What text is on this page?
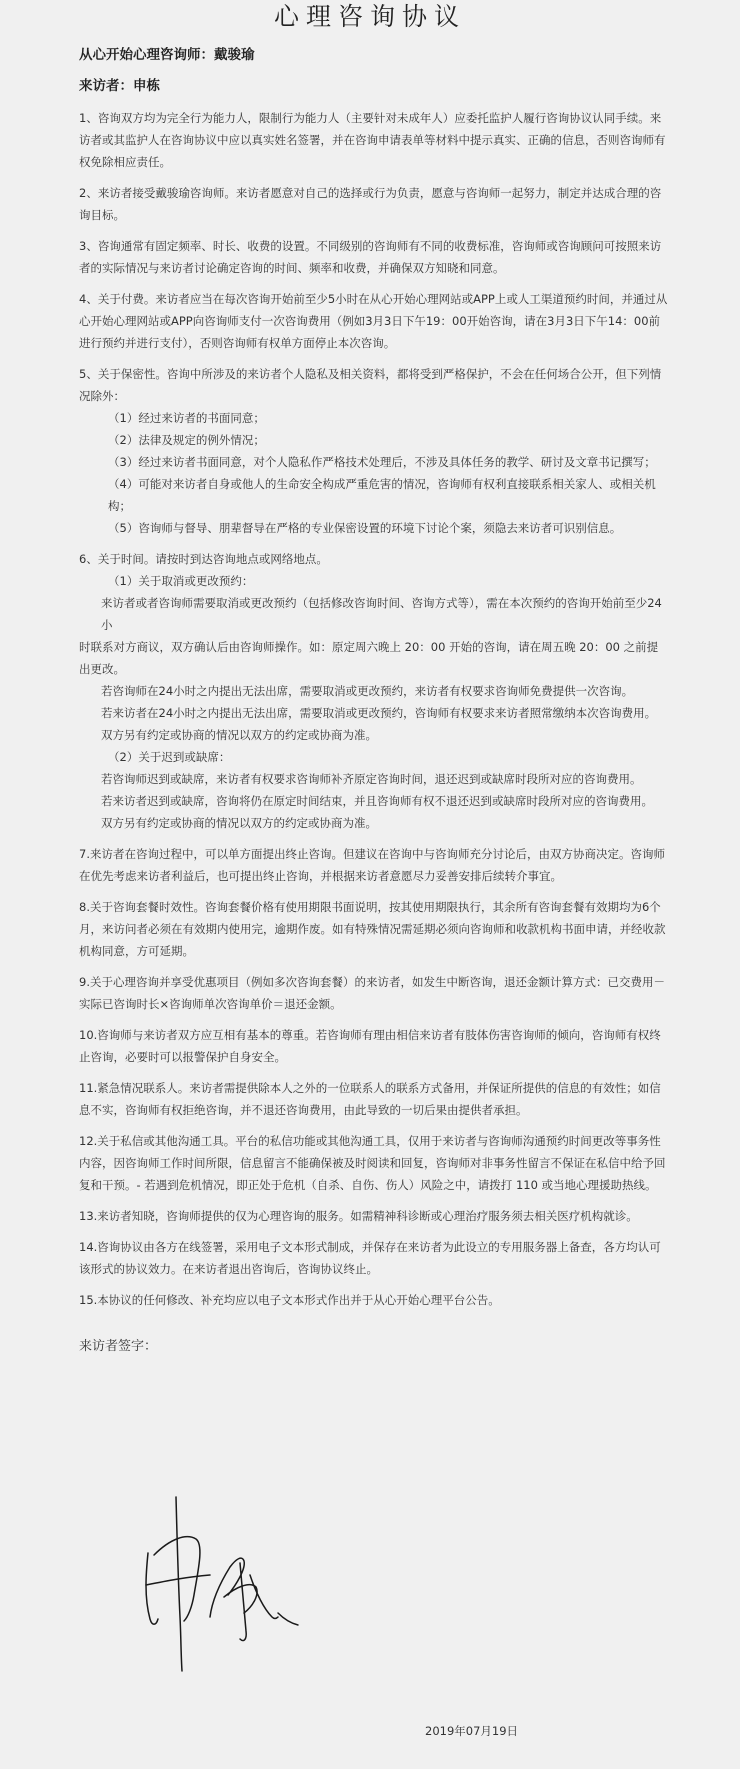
心理咨询协议
从心开始心理咨询师：戴骏瑜
来访者：申栋

1、咨询双方均为完全行为能力人，限制行为能力人（主要针对未成年人）应委托监护人履行咨询协议认同手续。来访者或其监护人在咨询协议中应以真实姓名签署，并在咨询申请表单等材料中提示真实、正确的信息，否则咨询师有权免除相应责任。

2、来访者接受戴骏瑜咨询师。来访者愿意对自己的选择或行为负责，愿意与咨询师一起努力，制定并达成合理的咨询目标。

3、咨询通常有固定频率、时长、收费的设置。不同级别的咨询师有不同的收费标准，咨询师或咨询顾问可按照来访者的实际情况与来访者讨论确定咨询的时间、频率和收费，并确保双方知晓和同意。

4、关于付费。来访者应当在每次咨询开始前至少5小时在从心开始心理网站或APP上或人工渠道预约时间，并通过从心开始心理网站或APP向咨询师支付一次咨询费用（例如3月3日下午19：00开始咨询，请在3月3日下午14：00前进行预约并进行支付），否则咨询师有权单方面停止本次咨询。

5、关于保密性。咨询中所涉及的来访者个人隐私及相关资料，都将受到严格保护，不会在任何场合公开，但下列情况除外：

（1）经过来访者的书面同意；

（2）法律及规定的例外情况；

（3）经过来访者书面同意，对个人隐私作严格技术处理后，不涉及具体任务的教学、研讨及文章书记撰写；

（4）可能对来访者自身或他人的生命安全构成严重危害的情况，咨询师有权利直接联系相关家人、或相关机构；

（5）咨询师与督导、朋辈督导在严格的专业保密设置的环境下讨论个案，须隐去来访者可识别信息。

6、关于时间。请按时到达咨询地点或网络地点。

（1）关于取消或更改预约：

来访者或者咨询师需要取消或更改预约（包括修改咨询时间、咨询方式等），需在本次预约的咨询开始前至少24小

时联系对方商议，双方确认后由咨询师操作。如：原定周六晚上 20：00 开始的咨询，请在周五晚 20：00 之前提出更改。

若咨询师在24小时之内提出无法出席，需要取消或更改预约，来访者有权要求咨询师免费提供一次咨询。

若来访者在24小时之内提出无法出席，需要取消或更改预约，咨询师有权要求来访者照常缴纳本次咨询费用。

双方另有约定或协商的情况以双方的约定或协商为准。

（2）关于迟到或缺席：

若咨询师迟到或缺席，来访者有权要求咨询师补齐原定咨询时间，退还迟到或缺席时段所对应的咨询费用。

若来访者迟到或缺席，咨询将仍在原定时间结束，并且咨询师有权不退还迟到或缺席时段所对应的咨询费用。

双方另有约定或协商的情况以双方的约定或协商为准。

7.来访者在咨询过程中，可以单方面提出终止咨询。但建议在咨询中与咨询师充分讨论后，由双方协商决定。咨询师在优先考虑来访者利益后，也可提出终止咨询，并根据来访者意愿尽力妥善安排后续转介事宜。

8.关于咨询套餐时效性。咨询套餐价格有使用期限书面说明，按其使用期限执行，其余所有咨询套餐有效期均为6个月，来访问者必须在有效期内使用完，逾期作废。如有特殊情况需延期必须向咨询师和收款机构书面申请，并经收款机构同意，方可延期。

9.关于心理咨询并享受优惠项目（例如多次咨询套餐）的来访者，如发生中断咨询，退还金额计算方式：已交费用－实际已咨询时长×咨询师单次咨询单价＝退还金额。

10.咨询师与来访者双方应互相有基本的尊重。若咨询师有理由相信来访者有肢体伤害咨询师的倾向，咨询师有权终止咨询，必要时可以报警保护自身安全。

11.紧急情况联系人。来访者需提供除本人之外的一位联系人的联系方式备用，并保证所提供的信息的有效性；如信息不实，咨询师有权拒绝咨询，并不退还咨询费用，由此导致的一切后果由提供者承担。

12.关于私信或其他沟通工具。平台的私信功能或其他沟通工具，仅用于来访者与咨询师沟通预约时间更改等事务性内容，因咨询师工作时间所限，信息留言不能确保被及时阅读和回复，咨询师对非事务性留言不保证在私信中给予回复和干预。- 若遇到危机情况，即正处于危机（自杀、自伤、伤人）风险之中，请拨打 110 或当地心理援助热线。

13.来访者知晓，咨询师提供的仅为心理咨询的服务。如需精神科诊断或心理治疗服务须去相关医疗机构就诊。

14.咨询协议由各方在线签署，采用电子文本形式制成，并保存在来访者为此设立的专用服务器上备查，各方均认可该形式的协议效力。在来访者退出咨询后，咨询协议终止。

15.本协议的任何修改、补充均应以电子文本形式作出并于从心开始心理平台公告。

来访者签字：
2019年07月19日
